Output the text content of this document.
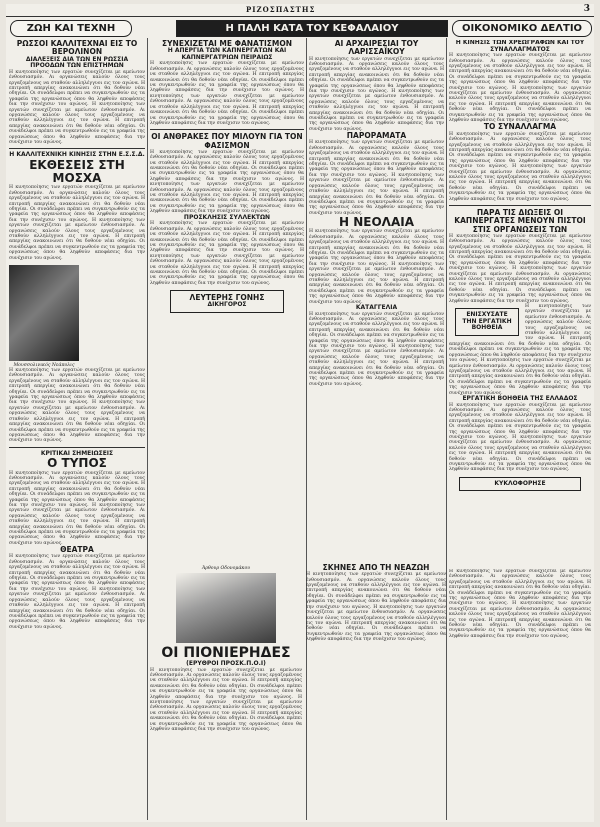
ΡΙΖΟΣΠΑΣΤΗΣ	3
ΖΩΗ ΚΑΙ ΤΕΧΝΗ	Η ΠΑΛΗ ΚΑΤΑ ΤΟΥ ΚΕΦΑΛΑΙΟΥ	ΟΙΚΟΝΟΜΙΚΟ ΔΕΛΤΙΟ
ΡΩΣΣΟΙ ΚΑΛΛΙΤΕΧΝΑΙ ΕΙΣ ΤΟ ΒΕΡΟΛΙΝΟΝ
ΔΙΑΛΕΞΕΙΣ ΔΙΑ ΤΩΝ ΕΝ ΡΩΣΣΙΑ ΠΡΟΟΔΩΝ ΤΩΝ ΕΠΙΣΤΗΜΩΝ
Η κινητοποίησις των εργατών συνεχίζεται με αμείωτον ένθουσιασμόν. Αι οργανώσεις καλούν όλους τους εργαζομένους να σταθούν αλληλέγγυοι εις τον αγώνα. Η επιτροπή απεργίας ανακοινώνει ότι θα δοθούν νέαι οδηγίαι. Οι συνάδελφοι πρέπει να συγκεντρωθούν εις τα γραφεία της οργανώσεως όπου θα ληφθούν αποφάσεις δια την συνέχισιν του αγώνος. Η κινητοποίησις των εργατών συνεχίζεται με αμείωτον ένθουσιασμόν. Αι οργανώσεις καλούν όλους τους εργαζομένους να σταθούν αλληλέγγυοι εις τον αγώνα. Η επιτροπή απεργίας ανακοινώνει ότι θα δοθούν νέαι οδηγίαι. Οι συνάδελφοι πρέπει να συγκεντρωθούν εις τα γραφεία της οργανώσεως όπου θα ληφθούν αποφάσεις δια την συνέχισιν του αγώνος.
Η ΚΑΛΛΙΤΕΧΝΙΚΗ ΚΙΝΗΣΙΣ ΣΤΗΝ Ε.Σ.Σ.Δ.
ΕΚΘΕΣΕΙΣ ΣΤΗ ΜΟΣΧΑ
Η κινητοποίησις των εργατών συνεχίζεται με αμείωτον ένθουσιασμόν. Αι οργανώσεις καλούν όλους τους εργαζομένους να σταθούν αλληλέγγυοι εις τον αγώνα. Η επιτροπή απεργίας ανακοινώνει ότι θα δοθούν νέαι οδηγίαι. Οι συνάδελφοι πρέπει να συγκεντρωθούν εις τα γραφεία της οργανώσεως όπου θα ληφθούν αποφάσεις δια την συνέχισιν του αγώνος. Η κινητοποίησις των εργατών συνεχίζεται με αμείωτον ένθουσιασμόν. Αι οργανώσεις καλούν όλους τους εργαζομένους να σταθούν αλληλέγγυοι εις τον αγώνα. Η επιτροπή απεργίας ανακοινώνει ότι θα δοθούν νέαι οδηγίαι. Οι συνάδελφοι πρέπει να συγκεντρωθούν εις τα γραφεία της οργανώσεως όπου θα ληφθούν αποφάσεις δια την συνέχισιν του αγώνος.
Μουσσολινικός Νεάπολις
Η κινητοποίησις των εργατών συνεχίζεται με αμείωτον ένθουσιασμόν. Αι οργανώσεις καλούν όλους τους εργαζομένους να σταθούν αλληλέγγυοι εις τον αγώνα. Η επιτροπή απεργίας ανακοινώνει ότι θα δοθούν νέαι οδηγίαι. Οι συνάδελφοι πρέπει να συγκεντρωθούν εις τα γραφεία της οργανώσεως όπου θα ληφθούν αποφάσεις δια την συνέχισιν του αγώνος. Η κινητοποίησις των εργατών συνεχίζεται με αμείωτον ένθουσιασμόν. Αι οργανώσεις καλούν όλους τους εργαζομένους να σταθούν αλληλέγγυοι εις τον αγώνα. Η επιτροπή απεργίας ανακοινώνει ότι θα δοθούν νέαι οδηγίαι. Οι συνάδελφοι πρέπει να συγκεντρωθούν εις τα γραφεία της οργανώσεως όπου θα ληφθούν αποφάσεις δια την συνέχισιν του αγώνος.
ΚΡΙΤΙΚΑΙ ΣΗΜΕΙΩΣΕΙΣ
Ο ΤΥΠΟΣ
Η κινητοποίησις των εργατών συνεχίζεται με αμείωτον ένθουσιασμόν. Αι οργανώσεις καλούν όλους τους εργαζομένους να σταθούν αλληλέγγυοι εις τον αγώνα. Η επιτροπή απεργίας ανακοινώνει ότι θα δοθούν νέαι οδηγίαι. Οι συνάδελφοι πρέπει να συγκεντρωθούν εις τα γραφεία της οργανώσεως όπου θα ληφθούν αποφάσεις δια την συνέχισιν του αγώνος. Η κινητοποίησις των εργατών συνεχίζεται με αμείωτον ένθουσιασμόν. Αι οργανώσεις καλούν όλους τους εργαζομένους να σταθούν αλληλέγγυοι εις τον αγώνα. Η επιτροπή απεργίας ανακοινώνει ότι θα δοθούν νέαι οδηγίαι. Οι συνάδελφοι πρέπει να συγκεντρωθούν εις τα γραφεία της οργανώσεως όπου θα ληφθούν αποφάσεις δια την συνέχισιν του αγώνος.
ΘΕΑΤΡΑ
Η κινητοποίησις των εργατών συνεχίζεται με αμείωτον ένθουσιασμόν. Αι οργανώσεις καλούν όλους τους εργαζομένους να σταθούν αλληλέγγυοι εις τον αγώνα. Η επιτροπή απεργίας ανακοινώνει ότι θα δοθούν νέαι οδηγίαι. Οι συνάδελφοι πρέπει να συγκεντρωθούν εις τα γραφεία της οργανώσεως όπου θα ληφθούν αποφάσεις δια την συνέχισιν του αγώνος. Η κινητοποίησις των εργατών συνεχίζεται με αμείωτον ένθουσιασμόν. Αι οργανώσεις καλούν όλους τους εργαζομένους να σταθούν αλληλέγγυοι εις τον αγώνα. Η επιτροπή απεργίας ανακοινώνει ότι θα δοθούν νέαι οδηγίαι. Οι συνάδελφοι πρέπει να συγκεντρωθούν εις τα γραφεία της οργανώσεως όπου θα ληφθούν αποφάσεις δια την συνέχισιν του αγώνος.
ΣΥΝΕΧΙΖΕΤΑΙ ΜΕ ΦΑΝΑΤΙΣΜΟΝ
Η ΑΠΕΡΓΙΑ ΤΩΝ ΚΑΠΝΕΡΓΑΤΩΝ ΚΑΙ ΚΑΠΝΕΡΓΑΤΡΙΩΝ ΠΕΙΡΑΙΩΣ
Η κινητοποίησις των εργατών συνεχίζεται με αμείωτον ένθουσιασμόν. Αι οργανώσεις καλούν όλους τους εργαζομένους να σταθούν αλληλέγγυοι εις τον αγώνα. Η επιτροπή απεργίας ανακοινώνει ότι θα δοθούν νέαι οδηγίαι. Οι συνάδελφοι πρέπει να συγκεντρωθούν εις τα γραφεία της οργανώσεως όπου θα ληφθούν αποφάσεις δια την συνέχισιν του αγώνος. Η κινητοποίησις των εργατών συνεχίζεται με αμείωτον ένθουσιασμόν. Αι οργανώσεις καλούν όλους τους εργαζομένους να σταθούν αλληλέγγυοι εις τον αγώνα. Η επιτροπή απεργίας ανακοινώνει ότι θα δοθούν νέαι οδηγίαι. Οι συνάδελφοι πρέπει να συγκεντρωθούν εις τα γραφεία της οργανώσεως όπου θα ληφθούν αποφάσεις δια την συνέχισιν του αγώνος.
ΟΙ ΑΝΘΡΑΚΕΣ ΠΟΥ ΜΙΛΟΥΝ ΓΙΑ ΤΟΝ ΦΑΣΙΣΜΟΝ
Η κινητοποίησις των εργατών συνεχίζεται με αμείωτον ένθουσιασμόν. Αι οργανώσεις καλούν όλους τους εργαζομένους να σταθούν αλληλέγγυοι εις τον αγώνα. Η επιτροπή απεργίας ανακοινώνει ότι θα δοθούν νέαι οδηγίαι. Οι συνάδελφοι πρέπει να συγκεντρωθούν εις τα γραφεία της οργανώσεως όπου θα ληφθούν αποφάσεις δια την συνέχισιν του αγώνος. Η κινητοποίησις των εργατών συνεχίζεται με αμείωτον ένθουσιασμόν. Αι οργανώσεις καλούν όλους τους εργαζομένους να σταθούν αλληλέγγυοι εις τον αγώνα. Η επιτροπή απεργίας ανακοινώνει ότι θα δοθούν νέαι οδηγίαι. Οι συνάδελφοι πρέπει να συγκεντρωθούν εις τα γραφεία της οργανώσεως όπου θα ληφθούν αποφάσεις δια την συνέχισιν του αγώνος.
ΠΡΟΣΚΛΗΣΙΣ ΣΥΛΛΕΚΤΩΝ
Η κινητοποίησις των εργατών συνεχίζεται με αμείωτον ένθουσιασμόν. Αι οργανώσεις καλούν όλους τους εργαζομένους να σταθούν αλληλέγγυοι εις τον αγώνα. Η επιτροπή απεργίας ανακοινώνει ότι θα δοθούν νέαι οδηγίαι. Οι συνάδελφοι πρέπει να συγκεντρωθούν εις τα γραφεία της οργανώσεως όπου θα ληφθούν αποφάσεις δια την συνέχισιν του αγώνος. Η κινητοποίησις των εργατών συνεχίζεται με αμείωτον ένθουσιασμόν. Αι οργανώσεις καλούν όλους τους εργαζομένους να σταθούν αλληλέγγυοι εις τον αγώνα. Η επιτροπή απεργίας ανακοινώνει ότι θα δοθούν νέαι οδηγίαι. Οι συνάδελφοι πρέπει να συγκεντρωθούν εις τα γραφεία της οργανώσεως όπου θα ληφθούν αποφάσεις δια την συνέχισιν του αγώνος.
ΛΕΥΤΕΡΗΣ ΓΟΝΗΣ
ΔΙΚΗΓΟΡΟΣ
ΑΙ ΑΡΧΑΙΡΕΣΙΑΙ ΤΟΥ ΛΑΡΙΣΣΑΪΚΟΥ
Η κινητοποίησις των εργατών συνεχίζεται με αμείωτον ένθουσιασμόν. Αι οργανώσεις καλούν όλους τους εργαζομένους να σταθούν αλληλέγγυοι εις τον αγώνα. Η επιτροπή απεργίας ανακοινώνει ότι θα δοθούν νέαι οδηγίαι. Οι συνάδελφοι πρέπει να συγκεντρωθούν εις τα γραφεία της οργανώσεως όπου θα ληφθούν αποφάσεις δια την συνέχισιν του αγώνος. Η κινητοποίησις των εργατών συνεχίζεται με αμείωτον ένθουσιασμόν. Αι οργανώσεις καλούν όλους τους εργαζομένους να σταθούν αλληλέγγυοι εις τον αγώνα. Η επιτροπή απεργίας ανακοινώνει ότι θα δοθούν νέαι οδηγίαι. Οι συνάδελφοι πρέπει να συγκεντρωθούν εις τα γραφεία της οργανώσεως όπου θα ληφθούν αποφάσεις δια την συνέχισιν του αγώνος.
ΠΑΡΟΡΑΜΑΤΑ
Η κινητοποίησις των εργατών συνεχίζεται με αμείωτον ένθουσιασμόν. Αι οργανώσεις καλούν όλους τους εργαζομένους να σταθούν αλληλέγγυοι εις τον αγώνα. Η επιτροπή απεργίας ανακοινώνει ότι θα δοθούν νέαι οδηγίαι. Οι συνάδελφοι πρέπει να συγκεντρωθούν εις τα γραφεία της οργανώσεως όπου θα ληφθούν αποφάσεις δια την συνέχισιν του αγώνος. Η κινητοποίησις των εργατών συνεχίζεται με αμείωτον ένθουσιασμόν. Αι οργανώσεις καλούν όλους τους εργαζομένους να σταθούν αλληλέγγυοι εις τον αγώνα. Η επιτροπή απεργίας ανακοινώνει ότι θα δοθούν νέαι οδηγίαι. Οι συνάδελφοι πρέπει να συγκεντρωθούν εις τα γραφεία της οργανώσεως όπου θα ληφθούν αποφάσεις δια την συνέχισιν του αγώνος.
Η ΝΕΟΛΑΙΑ
Η κινητοποίησις των εργατών συνεχίζεται με αμείωτον ένθουσιασμόν. Αι οργανώσεις καλούν όλους τους εργαζομένους να σταθούν αλληλέγγυοι εις τον αγώνα. Η επιτροπή απεργίας ανακοινώνει ότι θα δοθούν νέαι οδηγίαι. Οι συνάδελφοι πρέπει να συγκεντρωθούν εις τα γραφεία της οργανώσεως όπου θα ληφθούν αποφάσεις δια την συνέχισιν του αγώνος. Η κινητοποίησις των εργατών συνεχίζεται με αμείωτον ένθουσιασμόν. Αι οργανώσεις καλούν όλους τους εργαζομένους να σταθούν αλληλέγγυοι εις τον αγώνα. Η επιτροπή απεργίας ανακοινώνει ότι θα δοθούν νέαι οδηγίαι. Οι συνάδελφοι πρέπει να συγκεντρωθούν εις τα γραφεία της οργανώσεως όπου θα ληφθούν αποφάσεις δια την συνέχισιν του αγώνος.
ΚΑΤΑΓΓΕΛΙΑ
Η κινητοποίησις των εργατών συνεχίζεται με αμείωτον ένθουσιασμόν. Αι οργανώσεις καλούν όλους τους εργαζομένους να σταθούν αλληλέγγυοι εις τον αγώνα. Η επιτροπή απεργίας ανακοινώνει ότι θα δοθούν νέαι οδηγίαι. Οι συνάδελφοι πρέπει να συγκεντρωθούν εις τα γραφεία της οργανώσεως όπου θα ληφθούν αποφάσεις δια την συνέχισιν του αγώνος. Η κινητοποίησις των εργατών συνεχίζεται με αμείωτον ένθουσιασμόν. Αι οργανώσεις καλούν όλους τους εργαζομένους να σταθούν αλληλέγγυοι εις τον αγώνα. Η επιτροπή απεργίας ανακοινώνει ότι θα δοθούν νέαι οδηγίαι. Οι συνάδελφοι πρέπει να συγκεντρωθούν εις τα γραφεία της οργανώσεως όπου θα ληφθούν αποφάσεις δια την συνέχισιν του αγώνος.
Η ΚΙΝΗΣΙΣ ΤΩΝ ΧΡΕΩΓΡΑΦΩΝ ΚΑΙ ΤΟΥ ΣΥΝΑΛΛΑΓΜΑΤΟΣ
Η κινητοποίησις των εργατών συνεχίζεται με αμείωτον ένθουσιασμόν. Αι οργανώσεις καλούν όλους τους εργαζομένους να σταθούν αλληλέγγυοι εις τον αγώνα. Η επιτροπή απεργίας ανακοινώνει ότι θα δοθούν νέαι οδηγίαι. Οι συνάδελφοι πρέπει να συγκεντρωθούν εις τα γραφεία της οργανώσεως όπου θα ληφθούν αποφάσεις δια την συνέχισιν του αγώνος. Η κινητοποίησις των εργατών συνεχίζεται με αμείωτον ένθουσιασμόν. Αι οργανώσεις καλούν όλους τους εργαζομένους να σταθούν αλληλέγγυοι εις τον αγώνα. Η επιτροπή απεργίας ανακοινώνει ότι θα δοθούν νέαι οδηγίαι. Οι συνάδελφοι πρέπει να συγκεντρωθούν εις τα γραφεία της οργανώσεως όπου θα ληφθούν αποφάσεις δια την συνέχισιν του αγώνος.
ΤΟ ΣΥΝΑΛΛΑΓΜΑ
Η κινητοποίησις των εργατών συνεχίζεται με αμείωτον ένθουσιασμόν. Αι οργανώσεις καλούν όλους τους εργαζομένους να σταθούν αλληλέγγυοι εις τον αγώνα. Η επιτροπή απεργίας ανακοινώνει ότι θα δοθούν νέαι οδηγίαι. Οι συνάδελφοι πρέπει να συγκεντρωθούν εις τα γραφεία της οργανώσεως όπου θα ληφθούν αποφάσεις δια την συνέχισιν του αγώνος. Η κινητοποίησις των εργατών συνεχίζεται με αμείωτον ένθουσιασμόν. Αι οργανώσεις καλούν όλους τους εργαζομένους να σταθούν αλληλέγγυοι εις τον αγώνα. Η επιτροπή απεργίας ανακοινώνει ότι θα δοθούν νέαι οδηγίαι. Οι συνάδελφοι πρέπει να συγκεντρωθούν εις τα γραφεία της οργανώσεως όπου θα ληφθούν αποφάσεις δια την συνέχισιν του αγώνος.
ΠΑΡΑ ΤΙΣ ΔΙΩΞΕΙΣ ΟΙ ΚΑΠΝΕΡΓΑΤΕΣ ΜΕΝΟΥΝ ΠΙΣΤΟΙ ΣΤΙΣ ΟΡΓΑΝΩΣΕΙΣ ΤΩΝ
Η κινητοποίησις των εργατών συνεχίζεται με αμείωτον ένθουσιασμόν. Αι οργανώσεις καλούν όλους τους εργαζομένους να σταθούν αλληλέγγυοι εις τον αγώνα. Η επιτροπή απεργίας ανακοινώνει ότι θα δοθούν νέαι οδηγίαι. Οι συνάδελφοι πρέπει να συγκεντρωθούν εις τα γραφεία της οργανώσεως όπου θα ληφθούν αποφάσεις δια την συνέχισιν του αγώνος. Η κινητοποίησις των εργατών συνεχίζεται με αμείωτον ένθουσιασμόν. Αι οργανώσεις καλούν όλους τους εργαζομένους να σταθούν αλληλέγγυοι εις τον αγώνα. Η επιτροπή απεργίας ανακοινώνει ότι θα δοθούν νέαι οδηγίαι. Οι συνάδελφοι πρέπει να συγκεντρωθούν εις τα γραφεία της οργανώσεως όπου θα ληφθούν αποφάσεις δια την συνέχισιν του αγώνος.
ΕΝΙΣΧΥΣΑΤΕ ΤΗΝ ΕΡΓΑΤΙΚΗ ΒΟΗΘΕΙΑ
Η κινητοποίησις των εργατών συνεχίζεται με αμείωτον ένθουσιασμόν. Αι οργανώσεις καλούν όλους τους εργαζομένους να σταθούν αλληλέγγυοι εις τον αγώνα. Η επιτροπή απεργίας ανακοινώνει ότι θα δοθούν νέαι οδηγίαι. Οι συνάδελφοι πρέπει να συγκεντρωθούν εις τα γραφεία της οργανώσεως όπου θα ληφθούν αποφάσεις δια την συνέχισιν του αγώνος. Η κινητοποίησις των εργατών συνεχίζεται με αμείωτον ένθουσιασμόν. Αι οργανώσεις καλούν όλους τους εργαζομένους να σταθούν αλληλέγγυοι εις τον αγώνα. Η επιτροπή απεργίας ανακοινώνει ότι θα δοθούν νέαι οδηγίαι. Οι συνάδελφοι πρέπει να συγκεντρωθούν εις τα γραφεία της οργανώσεως όπου θα ληφθούν αποφάσεις δια την συνέχισιν του αγώνος.
ΕΡΓΑΤΙΚΗ ΒΟΗΘΕΙΑ ΤΗΣ ΕΛΛΑΔΟΣ
Η κινητοποίησις των εργατών συνεχίζεται με αμείωτον ένθουσιασμόν. Αι οργανώσεις καλούν όλους τους εργαζομένους να σταθούν αλληλέγγυοι εις τον αγώνα. Η επιτροπή απεργίας ανακοινώνει ότι θα δοθούν νέαι οδηγίαι. Οι συνάδελφοι πρέπει να συγκεντρωθούν εις τα γραφεία της οργανώσεως όπου θα ληφθούν αποφάσεις δια την συνέχισιν του αγώνος. Η κινητοποίησις των εργατών συνεχίζεται με αμείωτον ένθουσιασμόν. Αι οργανώσεις καλούν όλους τους εργαζομένους να σταθούν αλληλέγγυοι εις τον αγώνα. Η επιτροπή απεργίας ανακοινώνει ότι θα δοθούν νέαι οδηγίαι. Οι συνάδελφοι πρέπει να συγκεντρωθούν εις τα γραφεία της οργανώσεως όπου θα ληφθούν αποφάσεις δια την συνέχισιν του αγώνος.
ΚΥΚΛΟΦΟΡΗΣΕ
Άρθουρ Οδονομάκου
ΟΙ ΠΙΟΝΙΕΡΗΔΕΣ
(ΕΡΥΘΡΟΙ ΠΡΟΣΚ.Π.Ο.Ι)
Η κινητοποίησις των εργατών συνεχίζεται με αμείωτον ένθουσιασμόν. Αι οργανώσεις καλούν όλους τους εργαζομένους να σταθούν αλληλέγγυοι εις τον αγώνα. Η επιτροπή απεργίας ανακοινώνει ότι θα δοθούν νέαι οδηγίαι. Οι συνάδελφοι πρέπει να συγκεντρωθούν εις τα γραφεία της οργανώσεως όπου θα ληφθούν αποφάσεις δια την συνέχισιν του αγώνος. Η κινητοποίησις των εργατών συνεχίζεται με αμείωτον ένθουσιασμόν. Αι οργανώσεις καλούν όλους τους εργαζομένους να σταθούν αλληλέγγυοι εις τον αγώνα. Η επιτροπή απεργίας ανακοινώνει ότι θα δοθούν νέαι οδηγίαι. Οι συνάδελφοι πρέπει να συγκεντρωθούν εις τα γραφεία της οργανώσεως όπου θα ληφθούν αποφάσεις δια την συνέχισιν του αγώνος.
ΣΚΗΝΕΣ ΑΠΟ ΤΗ ΝΕΑΖΩΗ
Η κινητοποίησις των εργατών συνεχίζεται με αμείωτον ένθουσιασμόν. Αι οργανώσεις καλούν όλους τους εργαζομένους να σταθούν αλληλέγγυοι εις τον αγώνα. Η επιτροπή απεργίας ανακοινώνει ότι θα δοθούν νέαι οδηγίαι. Οι συνάδελφοι πρέπει να συγκεντρωθούν εις τα γραφεία της οργανώσεως όπου θα ληφθούν αποφάσεις δια την συνέχισιν του αγώνος. Η κινητοποίησις των εργατών συνεχίζεται με αμείωτον ένθουσιασμόν. Αι οργανώσεις καλούν όλους τους εργαζομένους να σταθούν αλληλέγγυοι εις τον αγώνα. Η επιτροπή απεργίας ανακοινώνει ότι θα δοθούν νέαι οδηγίαι. Οι συνάδελφοι πρέπει να συγκεντρωθούν εις τα γραφεία της οργανώσεως όπου θα ληφθούν αποφάσεις δια την συνέχισιν του αγώνος.
Η κινητοποίησις των εργατών συνεχίζεται με αμείωτον ένθουσιασμόν. Αι οργανώσεις καλούν όλους τους εργαζομένους να σταθούν αλληλέγγυοι εις τον αγώνα. Η επιτροπή απεργίας ανακοινώνει ότι θα δοθούν νέαι οδηγίαι. Οι συνάδελφοι πρέπει να συγκεντρωθούν εις τα γραφεία της οργανώσεως όπου θα ληφθούν αποφάσεις δια την συνέχισιν του αγώνος. Η κινητοποίησις των εργατών συνεχίζεται με αμείωτον ένθουσιασμόν. Αι οργανώσεις καλούν όλους τους εργαζομένους να σταθούν αλληλέγγυοι εις τον αγώνα. Η επιτροπή απεργίας ανακοινώνει ότι θα δοθούν νέαι οδηγίαι. Οι συνάδελφοι πρέπει να συγκεντρωθούν εις τα γραφεία της οργανώσεως όπου θα ληφθούν αποφάσεις δια την συνέχισιν του αγώνος.
